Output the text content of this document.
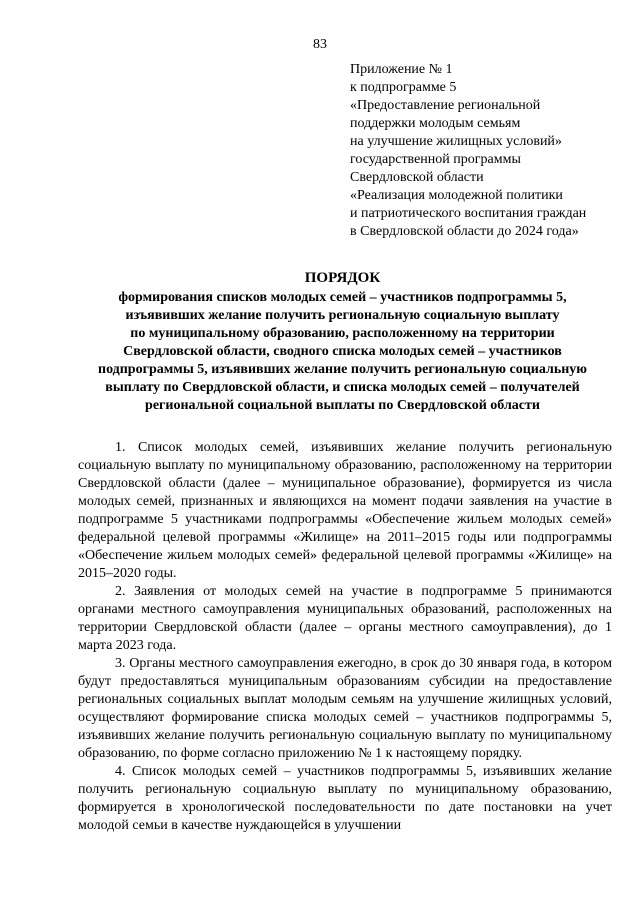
83
Приложение № 1
к подпрограмме 5
«Предоставление региональной
поддержки молодым семьям
на улучшение жилищных условий»
государственной программы
Свердловской области
«Реализация молодежной политики
и патриотического воспитания граждан
в Свердловской области до 2024 года»
ПОРЯДОК
формирования списков молодых семей – участников подпрограммы 5,
изъявивших желание получить региональную социальную выплату
по муниципальному образованию, расположенному на территории
Свердловской области, сводного списка молодых семей – участников
подпрограммы 5, изъявивших желание получить региональную социальную
выплату по Свердловской области, и списка молодых семей – получателей
региональной социальной выплаты по Свердловской области

1. Список молодых семей, изъявивших желание получить региональную социальную выплату по муниципальному образованию, расположенному на территории Свердловской области (далее – муниципальное образование), формируется из числа молодых семей, признанных и являющихся на момент подачи заявления на участие в подпрограмме 5 участниками подпрограммы «Обеспечение жильем молодых семей» федеральной целевой программы «Жилище» на 2011–2015 годы или подпрограммы «Обеспечение жильем молодых семей» федеральной целевой программы «Жилище» на 2015–2020 годы.

2. Заявления от молодых семей на участие в подпрограмме 5 принимаются органами местного самоуправления муниципальных образований, расположенных на территории Свердловской области (далее – органы местного самоуправления), до 1 марта 2023 года.

3. Органы местного самоуправления ежегодно, в срок до 30 января года, в котором будут предоставляться муниципальным образованиям субсидии на предоставление региональных социальных выплат молодым семьям на улучшение жилищных условий, осуществляют формирование списка молодых семей – участников подпрограммы 5, изъявивших желание получить региональную социальную выплату по муниципальному образованию, по форме согласно приложению № 1 к настоящему порядку.

4. Список молодых семей – участников подпрограммы 5, изъявивших желание получить региональную социальную выплату по муниципальному образованию, формируется в хронологической последовательности по дате постановки на учет молодой семьи в качестве нуждающейся в улучшении
